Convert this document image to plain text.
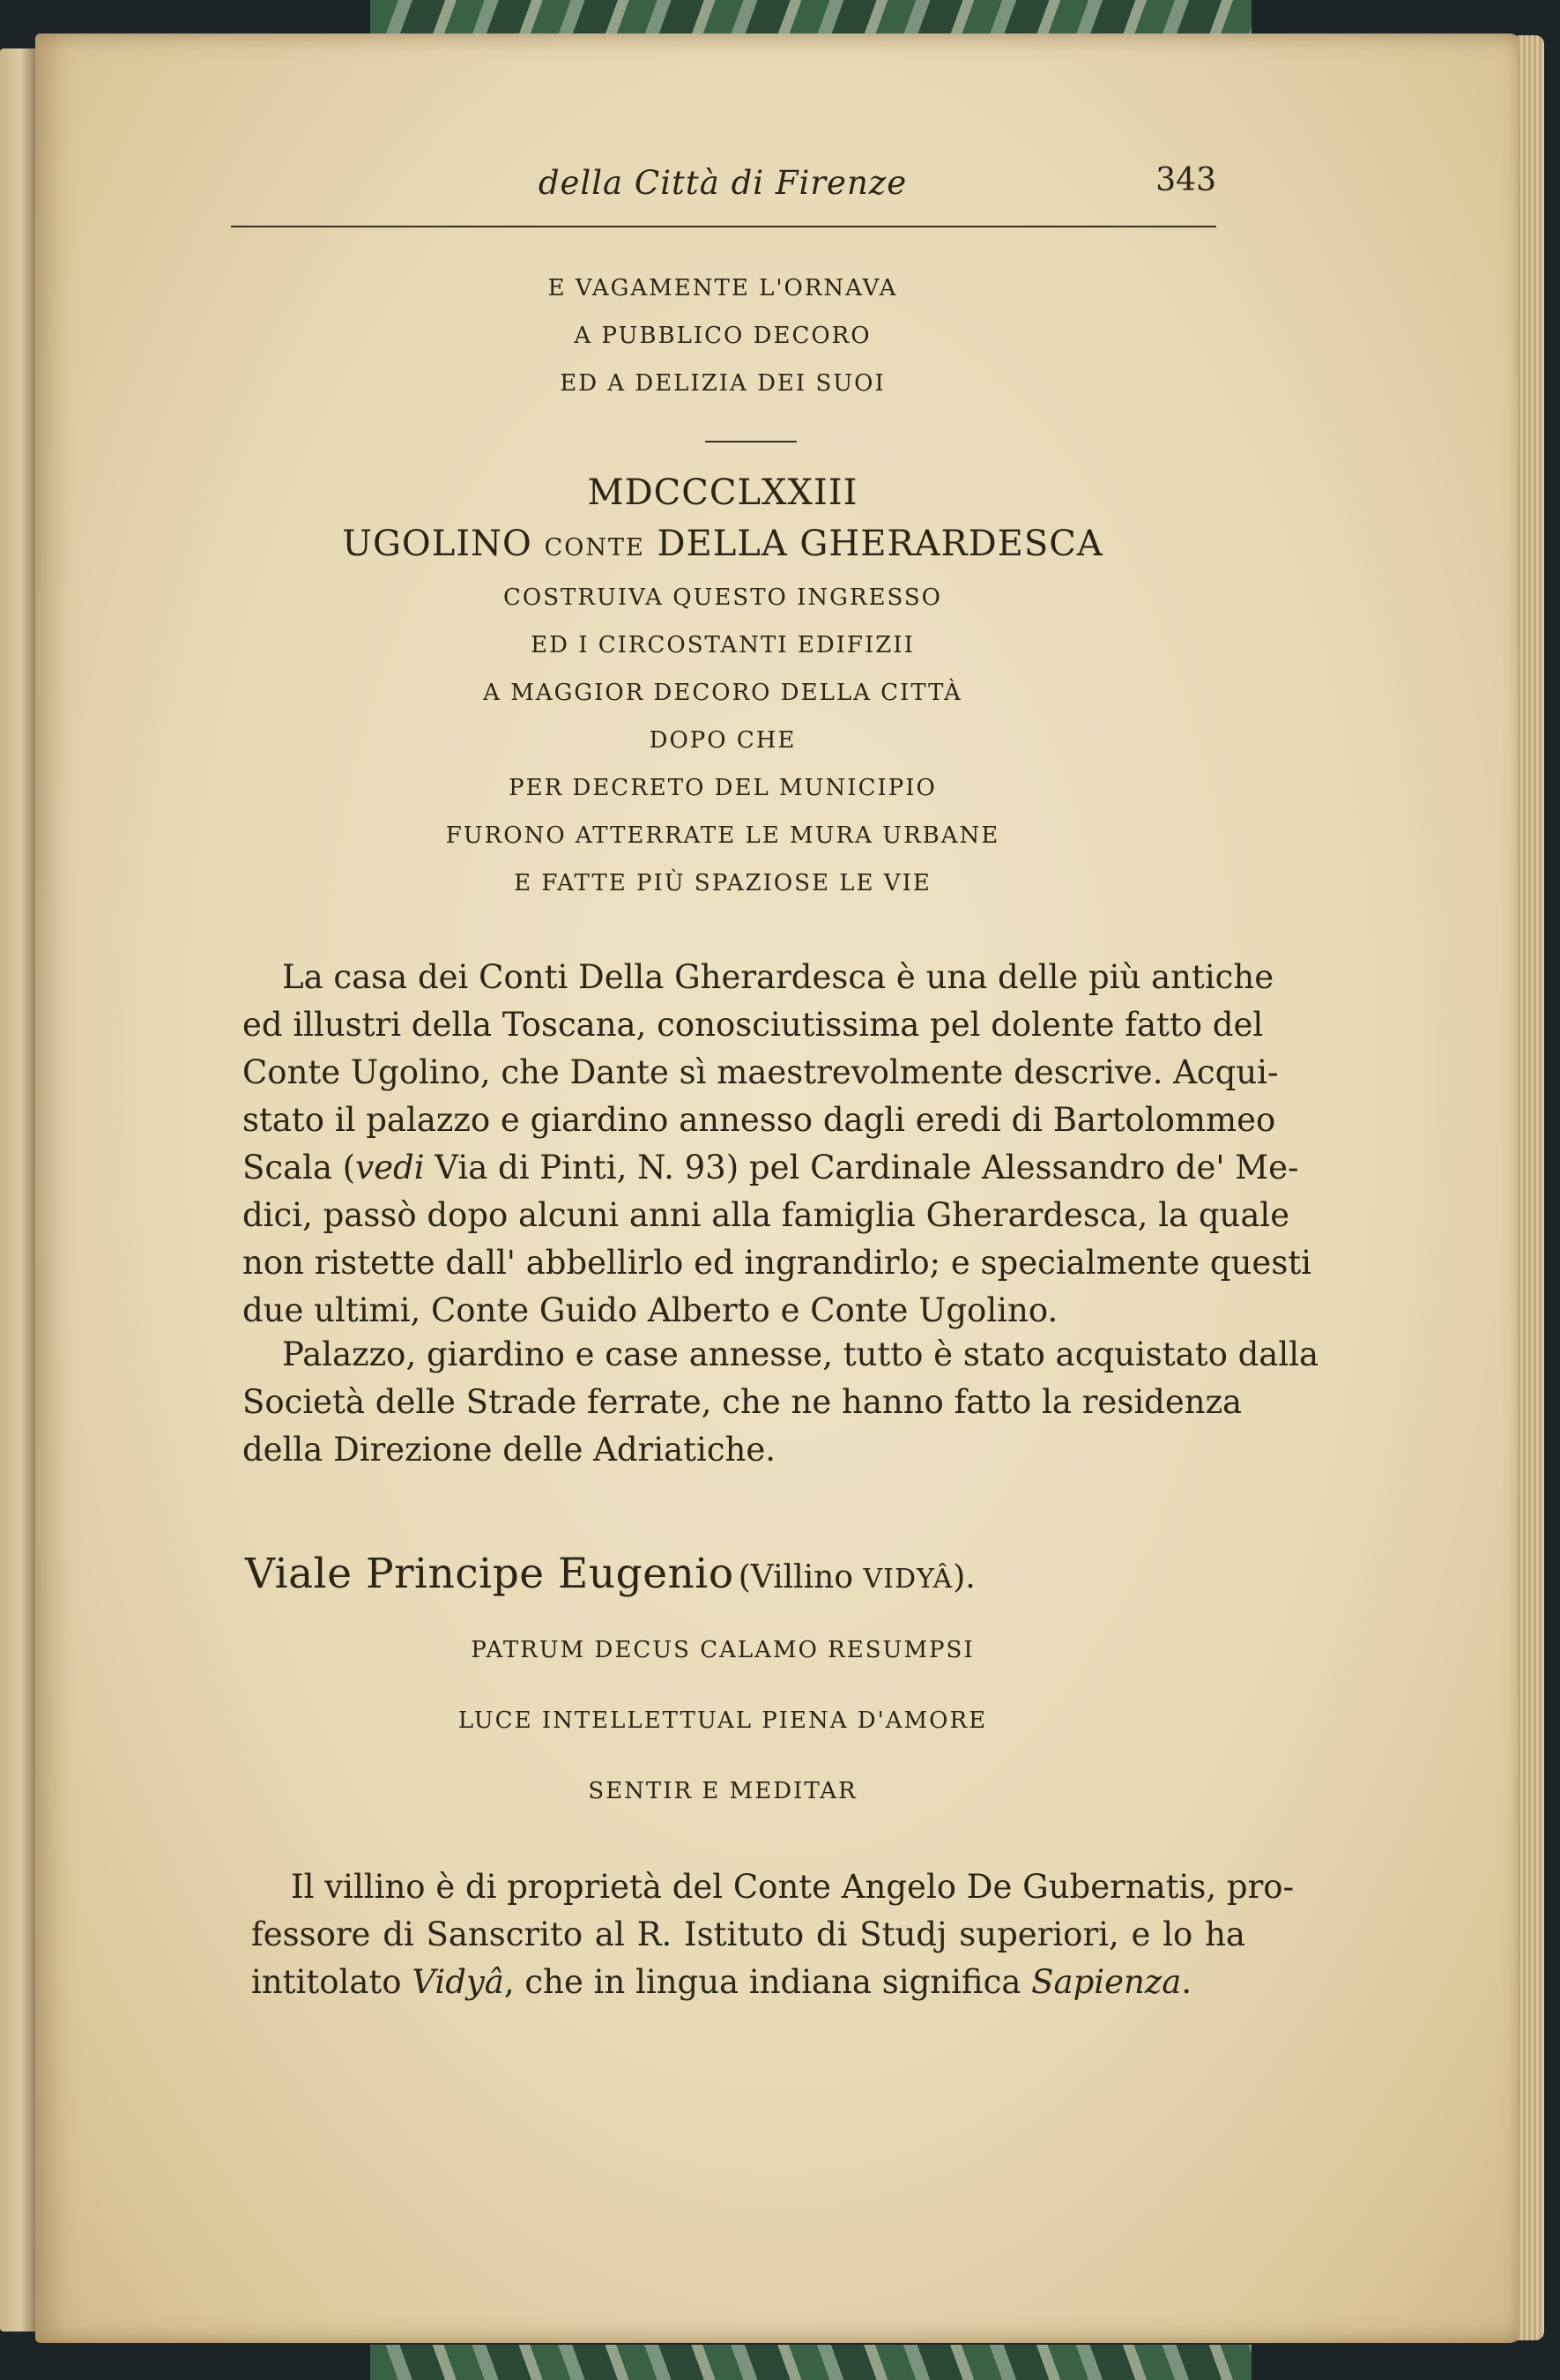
della Città di Firenze	343
E VAGAMENTE L'ORNAVA
A PUBBLICO DECORO
ED A DELIZIA DEI SUOI
MDCCCLXXIII
UGOLINO CONTE DELLA GHERARDESCA
COSTRUIVA QUESTO INGRESSO
ED I CIRCOSTANTI EDIFIZII
A MAGGIOR DECORO DELLA CITTÀ
DOPO CHE
PER DECRETO DEL MUNICIPIO
FURONO ATTERRATE LE MURA URBANE
E FATTE PIÙ SPAZIOSE LE VIE
La casa dei Conti Della Gherardesca è una delle più antiche
ed illustri della Toscana, conosciutissima pel dolente fatto del
Conte Ugolino, che Dante sì maestrevolmente descrive. Acqui-
stato il palazzo e giardino annesso dagli eredi di Bartolommeo
Scala (vedi Via di Pinti, N. 93) pel Cardinale Alessandro de' Me-
dici, passò dopo alcuni anni alla famiglia Gherardesca, la quale
non ristette dall' abbellirlo ed ingrandirlo; e specialmente questi
due ultimi, Conte Guido Alberto e Conte Ugolino.
Palazzo, giardino e case annesse, tutto è stato acquistato dalla
Società delle Strade ferrate, che ne hanno fatto la residenza
della Direzione delle Adriatiche.
Viale Principe Eugenio (Villino VIDYÂ).
PATRUM DECUS CALAMO RESUMPSI
LUCE INTELLETTUAL PIENA D'AMORE
SENTIR E MEDITAR
Il villino è di proprietà del Conte Angelo De Gubernatis, pro-
fessore di Sanscrito al R. Istituto di Studj superiori, e lo ha
intitolato Vidyâ, che in lingua indiana significa Sapienza.
